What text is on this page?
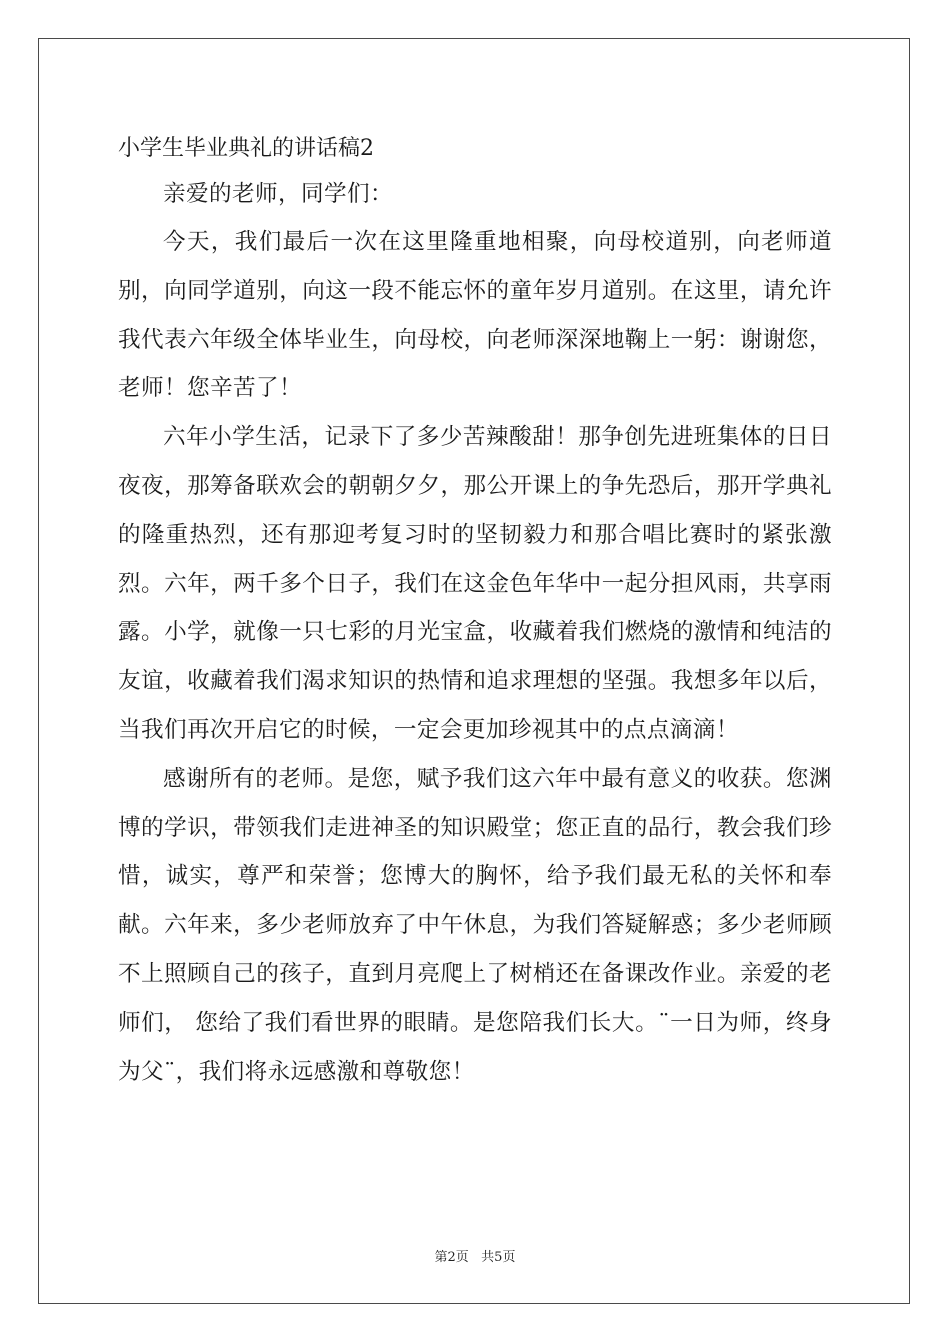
小学生毕业典礼的讲话稿2

亲爱的老师，同学们：

今天，我们最后一次在这里隆重地相聚，向母校道别，向老师道别，向同学道别，向这一段不能忘怀的童年岁月道别。在这里，请允许我代表六年级全体毕业生，向母校，向老师深深地鞠上一躬：谢谢您，老师！您辛苦了！

六年小学生活，记录下了多少苦辣酸甜！那争创先进班集体的日日夜夜，那筹备联欢会的朝朝夕夕，那公开课上的争先恐后，那开学典礼的隆重热烈，还有那迎考复习时的坚韧毅力和那合唱比赛时的紧张激烈。六年，两千多个日子，我们在这金色年华中一起分担风雨，共享雨露。小学，就像一只七彩的月光宝盒，收藏着我们燃烧的激情和纯洁的友谊，收藏着我们渴求知识的热情和追求理想的坚强。我想多年以后，当我们再次开启它的时候，一定会更加珍视其中的点点滴滴！

感谢所有的老师。是您，赋予我们这六年中最有意义的收获。您渊博的学识，带领我们走进神圣的知识殿堂；您正直的品行，教会我们珍惜，诚实，尊严和荣誉；您博大的胸怀，给予我们最无私的关怀和奉献。六年来，多少老师放弃了中午休息，为我们答疑解惑；多少老师顾不上照顾自己的孩子，直到月亮爬上了树梢还在备课改作业。亲爱的老师们， 您给了我们看世界的眼睛。是您陪我们长大。¨一日为师，终身为父¨，我们将永远感激和尊敬您！

第2页   共5页
